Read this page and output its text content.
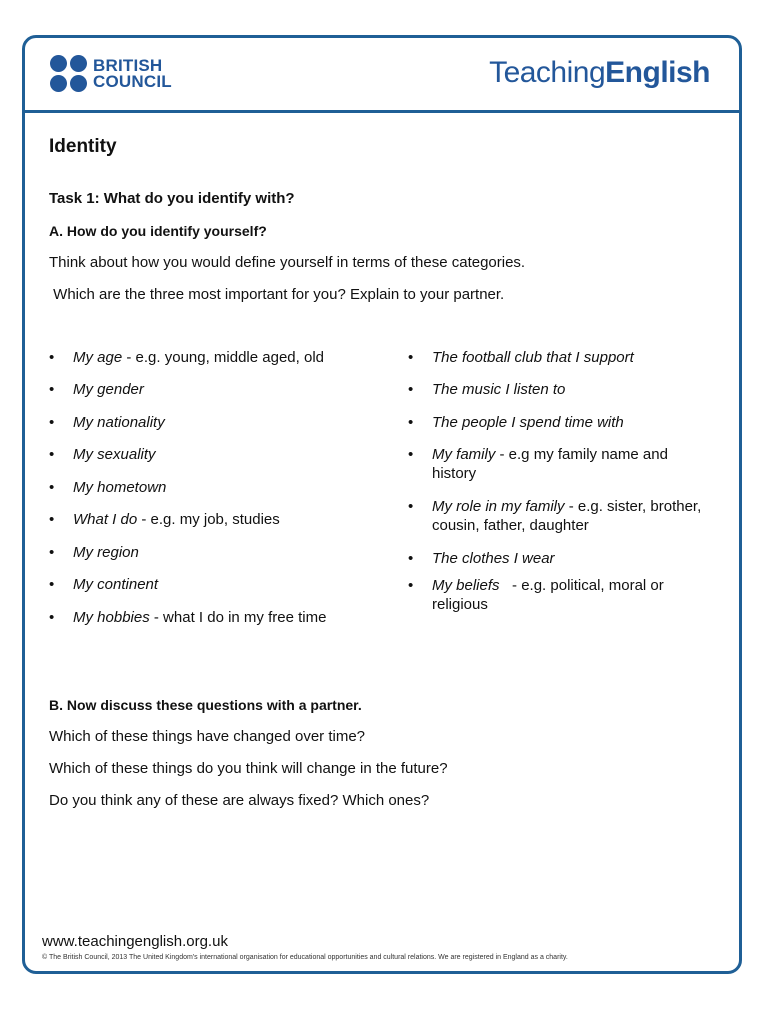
BRITISH
COUNCIL	TeachingEnglish
Identity
Task 1: What do you identify with?
A. How do you identify yourself?
Think about how you would define yourself in terms of these categories.
Which are the three most important for you? Explain to your partner.
• My age - e.g. young, middle aged, old
• My gender
• My nationality
• My sexuality
• My hometown
• What I do - e.g. my job, studies
• My region
• My continent
• My hobbies - what I do in my free time
• The football club that I support
• The music I listen to
• The people I spend time with
• My family - e.g my family name and history
• My role in my family - e.g. sister, brother, cousin, father, daughter
• The clothes I wear
• My beliefs   - e.g. political, moral or religious
B. Now discuss these questions with a partner.
Which of these things have changed over time?
Which of these things do you think will change in the future?
Do you think any of these are always fixed? Which ones?
www.teachingenglish.org.uk
© The British Council, 2013 The United Kingdom's international organisation for educational opportunities and cultural relations. We are registered in England as a charity.
